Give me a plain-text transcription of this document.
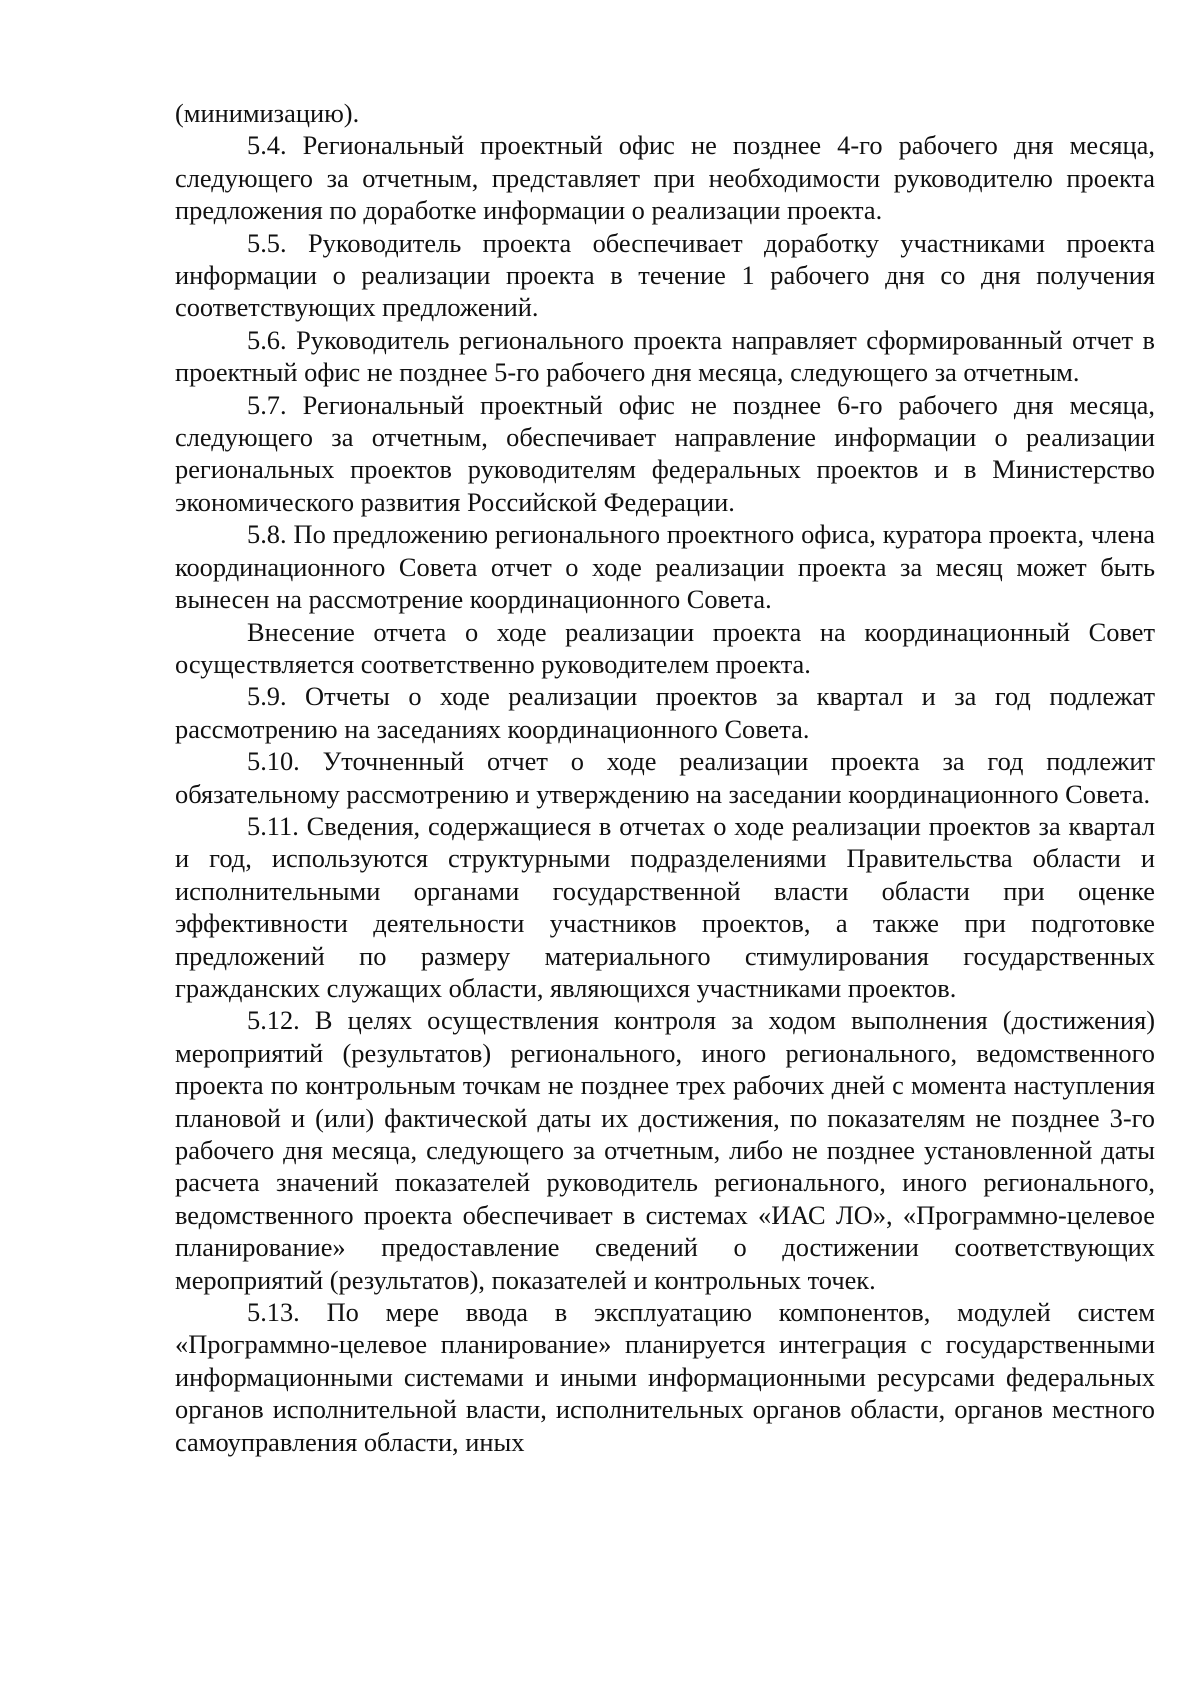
(минимизацию).

5.4. Региональный проектный офис не позднее 4-го рабочего дня месяца, следующего за отчетным, представляет при необходимости руководителю проекта предложения по доработке информации о реализации проекта.

5.5. Руководитель проекта обеспечивает доработку участниками проекта информации о реализации проекта в течение 1 рабочего дня со дня получения соответствующих предложений.

5.6. Руководитель регионального проекта направляет сформированный отчет в проектный офис не позднее 5-го рабочего дня месяца, следующего за отчетным.

5.7. Региональный проектный офис не позднее 6-го рабочего дня месяца, следующего за отчетным, обеспечивает направление информации о реализации региональных проектов руководителям федеральных проектов и в Министерство экономического развития Российской Федерации.

5.8. По предложению регионального проектного офиса, куратора проекта, члена координационного Совета отчет о ходе реализации проекта за месяц может быть вынесен на рассмотрение координационного Совета.

Внесение отчета о ходе реализации проекта на координационный Совет осуществляется соответственно руководителем проекта.

5.9. Отчеты о ходе реализации проектов за квартал и за год подлежат рассмотрению на заседаниях координационного Совета.

5.10. Уточненный отчет о ходе реализации проекта за год подлежит обязательному рассмотрению и утверждению на заседании координационного Совета.

5.11. Сведения, содержащиеся в отчетах о ходе реализации проектов за квартал и год, используются структурными подразделениями Правительства области и исполнительными органами государственной власти области при оценке эффективности деятельности участников проектов, а также при подготовке предложений по размеру материального стимулирования государственных гражданских служащих области, являющихся участниками проектов.

5.12. В целях осуществления контроля за ходом выполнения (достижения) мероприятий (результатов) регионального, иного регионального, ведомственного проекта по контрольным точкам не позднее трех рабочих дней с момента наступления плановой и (или) фактической даты их достижения, по показателям не позднее 3-го рабочего дня месяца, следующего за отчетным, либо не позднее установленной даты расчета значений показателей руководитель регионального, иного регионального, ведомственного проекта обеспечивает в системах «ИАС ЛО», «Программно-целевое планирование» предоставление сведений о достижении соответствующих мероприятий (результатов), показателей и контрольных точек.

5.13. По мере ввода в эксплуатацию компонентов, модулей систем «Программно-целевое планирование» планируется интеграция с государственными информационными системами и иными информационными ресурсами федеральных органов исполнительной власти, исполнительных органов области, органов местного самоуправления области, иных
